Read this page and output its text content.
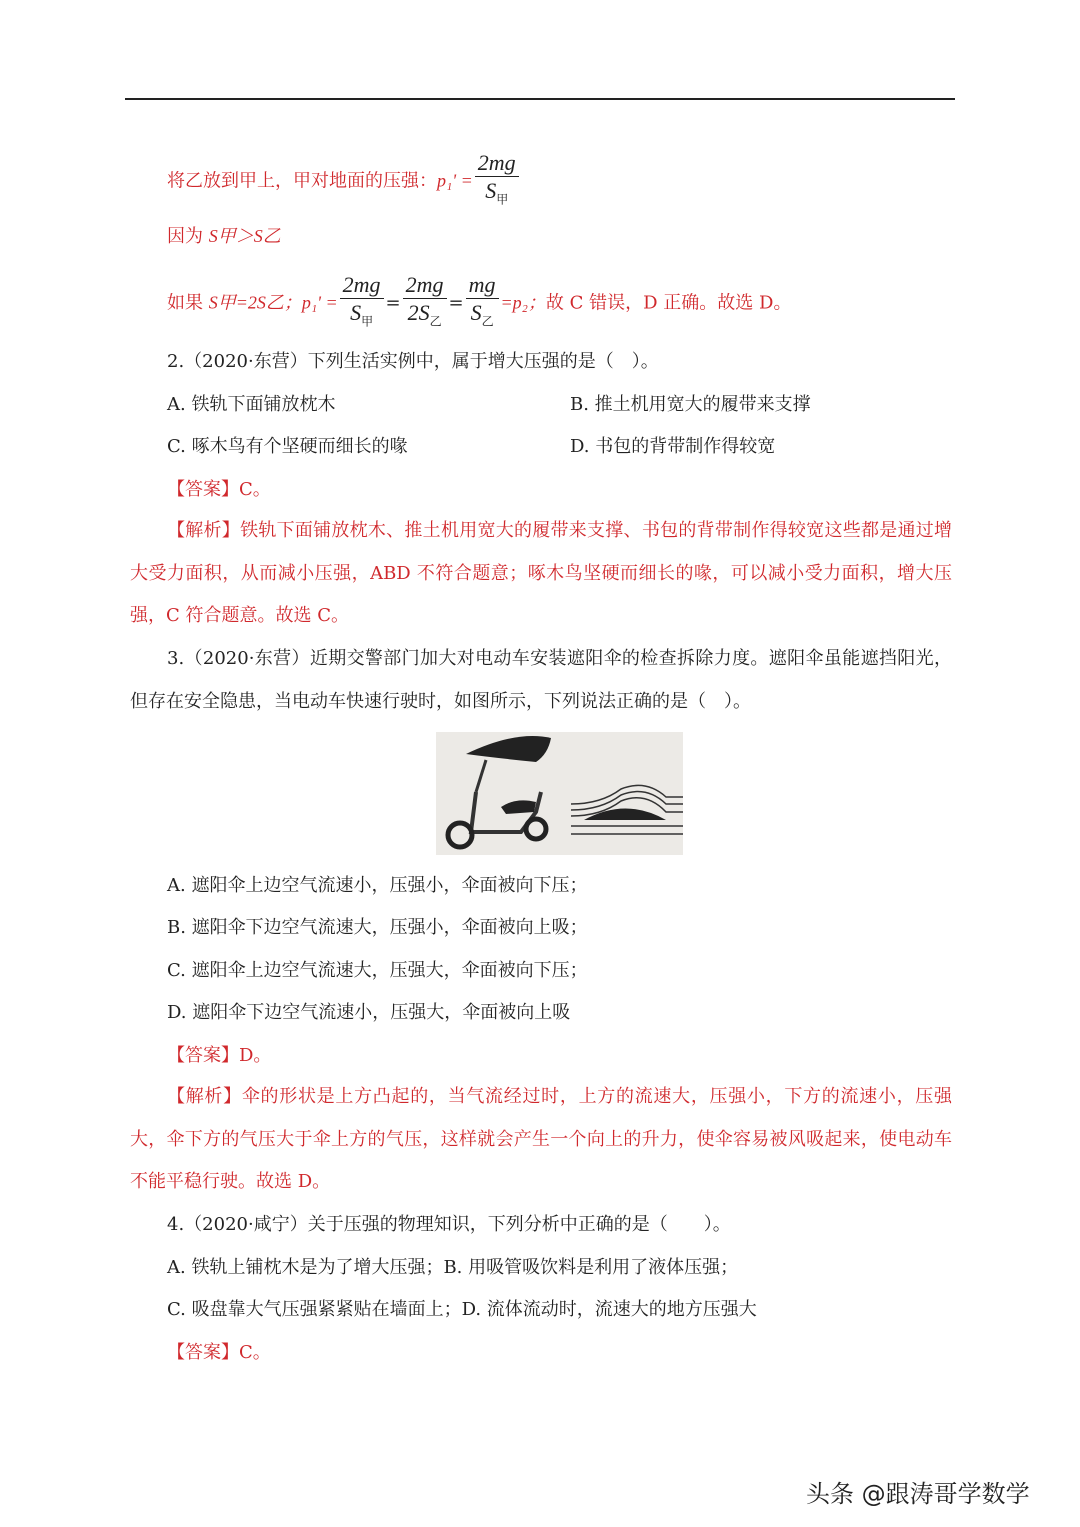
将乙放到甲上，甲对地面的压强：$p_1' = \frac{2mg}{S_甲}$
因为 S甲＞S乙
如果 S甲=2S乙；$p_1' = \frac{2mg}{S_甲} = \frac{2mg}{2S_乙} = \frac{mg}{S_乙} =p_2$；故 C 错误，D 正确。故选 D。
2.（2020·东营）下列生活实例中，属于增大压强的是（　）。
A. 铁轨下面铺放枕木	B. 推土机用宽大的履带来支撑
C. 啄木鸟有个坚硬而细长的喙	D. 书包的背带制作得较宽
【答案】C。
【解析】铁轨下面铺放枕木、推土机用宽大的履带来支撑、书包的背带制作得较宽这些都是通过增大受力面积，从而减小压强，ABD 不符合题意；啄木鸟坚硬而细长的喙，可以减小受力面积，增大压强，C 符合题意。故选 C。
3.（2020·东营）近期交警部门加大对电动车安装遮阳伞的检查拆除力度。遮阳伞虽能遮挡阳光，但存在安全隐患，当电动车快速行驶时，如图所示，下列说法正确的是（　）。
A. 遮阳伞上边空气流速小，压强小，伞面被向下压；
B. 遮阳伞下边空气流速大，压强小，伞面被向上吸；
C. 遮阳伞上边空气流速大，压强大，伞面被向下压；
D. 遮阳伞下边空气流速小，压强大，伞面被向上吸
【答案】D。
【解析】伞的形状是上方凸起的，当气流经过时，上方的流速大，压强小，下方的流速小，压强大，伞下方的气压大于伞上方的气压，这样就会产生一个向上的升力，使伞容易被风吸起来，使电动车不能平稳行驶。故选 D。
4.（2020·咸宁）关于压强的物理知识，下列分析中正确的是（　　）。
A. 铁轨上铺枕木是为了增大压强；B. 用吸管吸饮料是利用了液体压强；
C. 吸盘靠大气压强紧紧贴在墙面上；D. 流体流动时，流速大的地方压强大
【答案】C。
头条 @跟涛哥学数学
